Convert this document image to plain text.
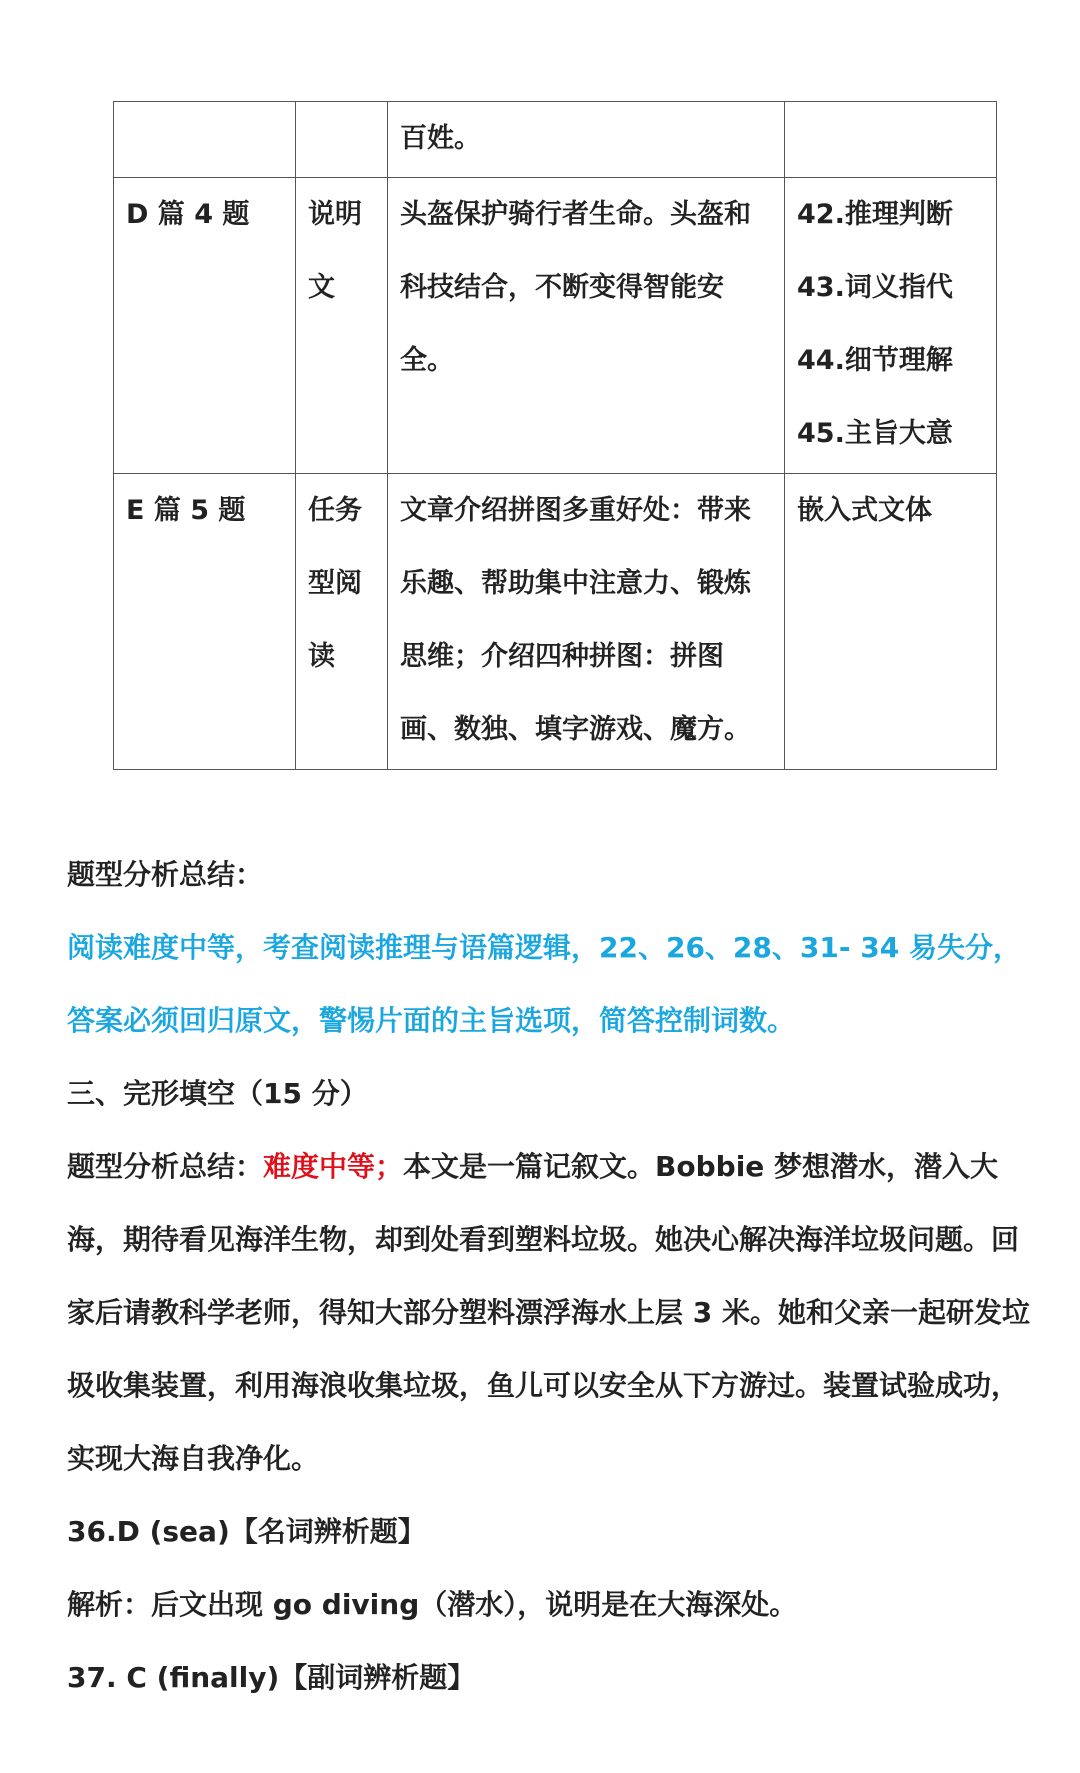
		百姓。	

D 篇 4 题	说明文	头盔保护骑行者生命。头盔和科技结合，不断变得智能安全。	42.推理判断
43.词义指代
44.细节理解
45.主旨大意

E 篇 5 题	任务型阅读	文章介绍拼图多重好处：带来乐趣、帮助集中注意力、锻炼思维；介绍四种拼图：拼图画、数独、填字游戏、魔方。	嵌入式文体

题型分析总结：

阅读难度中等，考查阅读推理与语篇逻辑，22、26、28、31- 34 易失分，答案必须回归原文，警惕片面的主旨选项，简答控制词数。

三、完形填空（15 分）

题型分析总结：难度中等；本文是一篇记叙文。Bobbie 梦想潜水，潜入大海，期待看见海洋生物，却到处看到塑料垃圾。她决心解决海洋垃圾问题。回家后请教科学老师，得知大部分塑料漂浮海水上层 3 米。她和父亲一起研发垃圾收集装置，利用海浪收集垃圾，鱼儿可以安全从下方游过。装置试验成功，实现大海自我净化。

36.D (sea)【名词辨析题】

解析：后文出现 go diving（潜水），说明是在大海深处。

37. C (finally)【副词辨析题】
